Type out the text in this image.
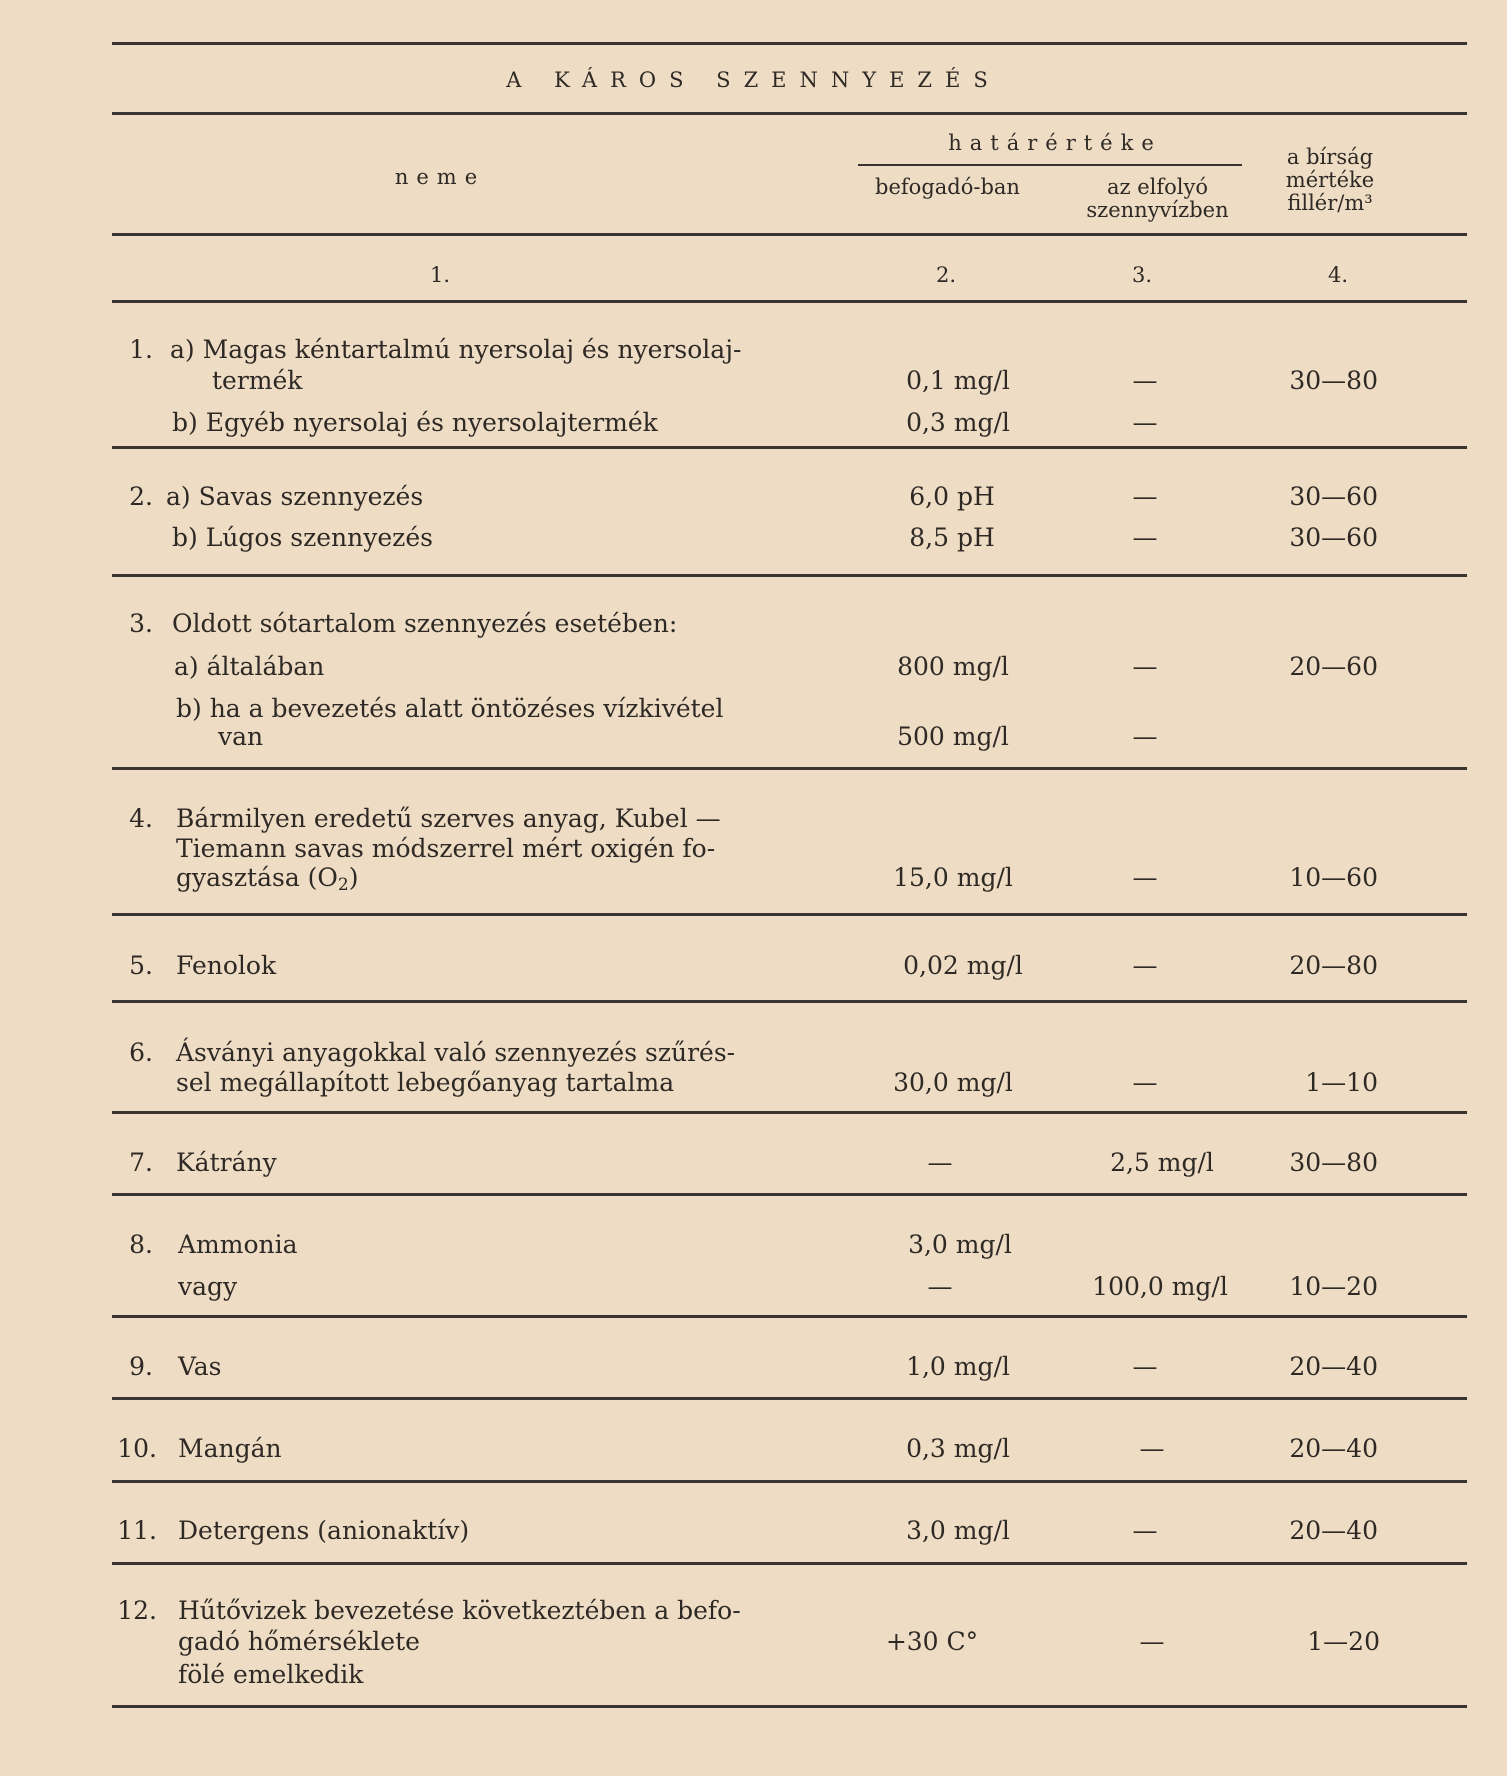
A KÁROS SZENNYEZÉS
neme
határértéke
befogadó-ban	az elfolyó szennyvízben
a bírság mértéke fillér/m³
1.	2.	3.	4.
1. a) Magas kéntartalmú nyersolaj és nyersolaj-
termék	0,1 mg/l	—	30—80
b) Egyéb nyersolaj és nyersolajtermék	0,3 mg/l	—
2. a) Savas szennyezés	6,0 pH	—	30—60
b) Lúgos szennyezés	8,5 pH	—	30—60
3. Oldott sótartalom szennyezés esetében:
a) általában	800 mg/l	—	20—60
b) ha a bevezetés alatt öntözéses vízkivétel
van	500 mg/l	—
4. Bármilyen eredetű szerves anyag, Kubel —
Tiemann savas módszerrel mért oxigén fo-
gyasztása $(O_2)$	15,0 mg/l	—	10—60
5. Fenolok	0,02 mg/l	—	20—80
6. Ásványi anyagokkal való szennyezés szűrés-
sel megállapított lebegőanyag tartalma	30,0 mg/l	—	1—10
7. Kátrány	—	2,5 mg/l	30—80
8. Ammonia	3,0 mg/l
vagy	—	100,0 mg/l	10—20
9. Vas	1,0 mg/l	—	20—40
10. Mangán	0,3 mg/l	—	20—40
11. Detergens (anionaktív)	3,0 mg/l	—	20—40
12. Hűtővizek bevezetése következtében a befo-
gadó hőmérséklete
fölé emelkedik
+30 C°	—	1—20
